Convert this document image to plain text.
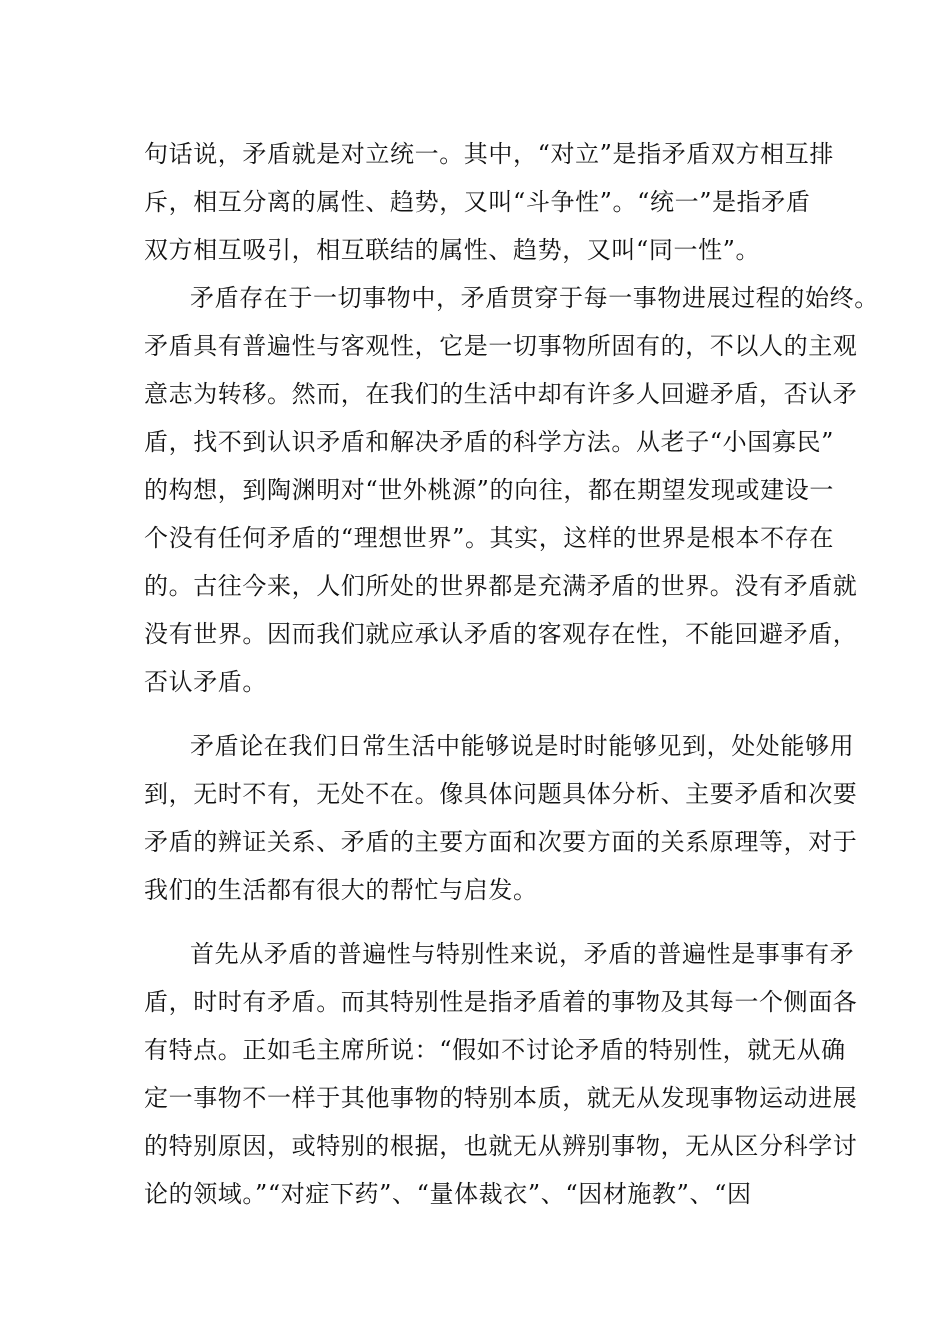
句话说，矛盾就是对立统一。其中，“对立”是指矛盾双方相互排
斥，相互分离的属性、趋势，又叫“斗争性”。“统一”是指矛盾
双方相互吸引，相互联结的属性、趋势，又叫“同一性”。
矛盾存在于一切事物中，矛盾贯穿于每一事物进展过程的始终。
矛盾具有普遍性与客观性，它是一切事物所固有的，不以人的主观
意志为转移。然而，在我们的生活中却有许多人回避矛盾，否认矛
盾，找不到认识矛盾和解决矛盾的科学方法。从老子“小国寡民”
的构想，到陶渊明对“世外桃源”的向往，都在期望发现或建设一
个没有任何矛盾的“理想世界”。其实，这样的世界是根本不存在
的。古往今来，人们所处的世界都是充满矛盾的世界。没有矛盾就
没有世界。因而我们就应承认矛盾的客观存在性，不能回避矛盾，
否认矛盾。
矛盾论在我们日常生活中能够说是时时能够见到，处处能够用
到，无时不有，无处不在。像具体问题具体分析、主要矛盾和次要
矛盾的辨证关系、矛盾的主要方面和次要方面的关系原理等，对于
我们的生活都有很大的帮忙与启发。
首先从矛盾的普遍性与特别性来说，矛盾的普遍性是事事有矛
盾，时时有矛盾。而其特别性是指矛盾着的事物及其每一个侧面各
有特点。正如毛主席所说：“假如不讨论矛盾的特别性，就无从确
定一事物不一样于其他事物的特别本质，就无从发现事物运动进展
的特别原因，或特别的根据，也就无从辨别事物，无从区分科学讨
论的领域。”“对症下药”、“量体裁衣”、“因材施教”、“因
